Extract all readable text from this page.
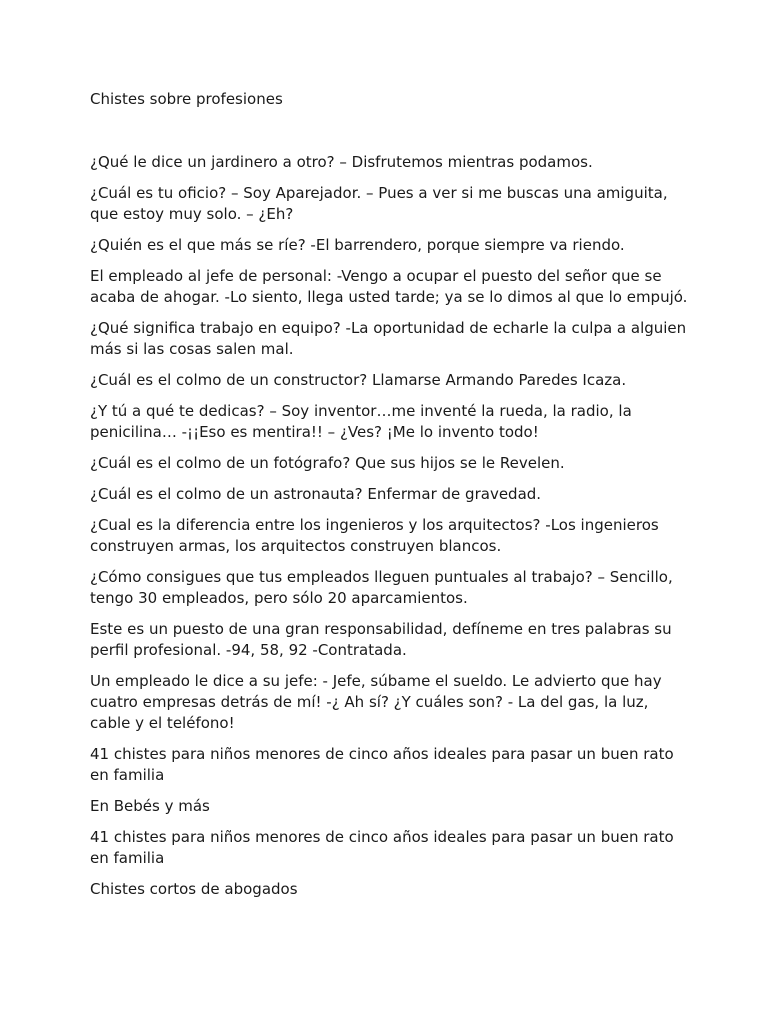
Chistes sobre profesiones

¿Qué le dice un jardinero a otro? – Disfrutemos mientras podamos.

¿Cuál es tu oficio? – Soy Aparejador. – Pues a ver si me buscas una amiguita, que estoy muy solo. – ¿Eh?

¿Quién es el que más se ríe? -El barrendero, porque siempre va riendo.

El empleado al jefe de personal: -Vengo a ocupar el puesto del señor que se acaba de ahogar. -Lo siento, llega usted tarde; ya se lo dimos al que lo empujó.

¿Qué significa trabajo en equipo? -La oportunidad de echarle la culpa a alguien más si las cosas salen mal.

¿Cuál es el colmo de un constructor? Llamarse Armando Paredes Icaza.

¿Y tú a qué te dedicas? – Soy inventor…me inventé la rueda, la radio, la penicilina… -¡¡Eso es mentira!! – ¿Ves? ¡Me lo invento todo!

¿Cuál es el colmo de un fotógrafo? Que sus hijos se le Revelen.

¿Cuál es el colmo de un astronauta? Enfermar de gravedad.

¿Cual es la diferencia entre los ingenieros y los arquitectos? -Los ingenieros construyen armas, los arquitectos construyen blancos.

¿Cómo consigues que tus empleados lleguen puntuales al trabajo? – Sencillo, tengo 30 empleados, pero sólo 20 aparcamientos.

Este es un puesto de una gran responsabilidad, defíneme en tres palabras su perfil profesional. -94, 58, 92 -Contratada.

Un empleado le dice a su jefe: - Jefe, súbame el sueldo. Le advierto que hay cuatro empresas detrás de mí! -¿ Ah sí? ¿Y cuáles son? - La del gas, la luz, cable y el teléfono!

41 chistes para niños menores de cinco años ideales para pasar un buen rato en familia

En Bebés y más

41 chistes para niños menores de cinco años ideales para pasar un buen rato en familia

Chistes cortos de abogados
